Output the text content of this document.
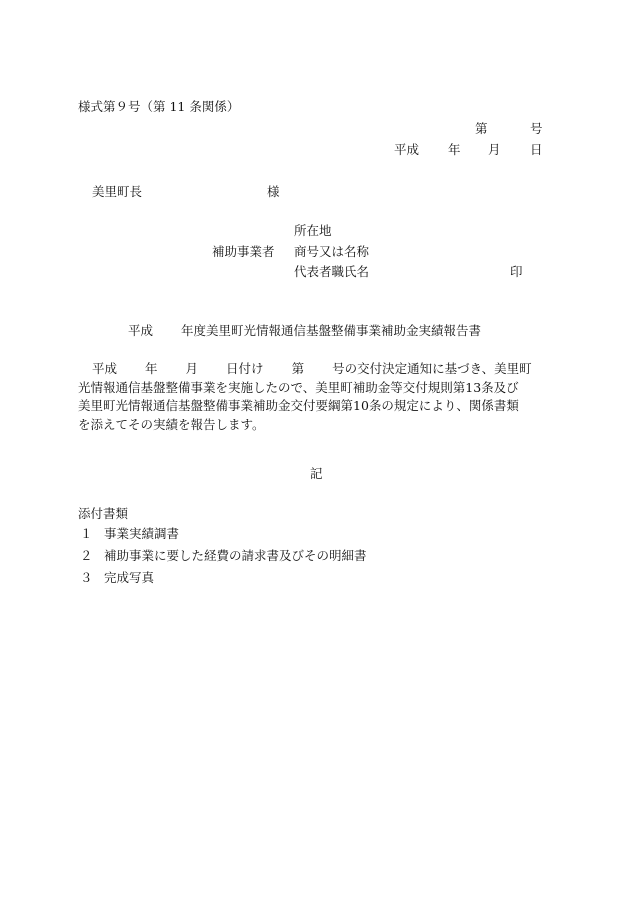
様式第９号（第 11 条関係）
第	号
平成 年 月 日
美里町長	様
所在地
補助事業者 商号又は名称
代表者職氏名	印
平成 年度美里町光情報通信基盤整備事業補助金実績報告書

平成 年 月 日付け 第 号の交付決定通知に基づき、美里町

光情報通信基盤整備事業を実施したので、美里町補助金等交付規則第13条及び

美里町光情報通信基盤整備事業補助金交付要綱第10条の規定により、関係書類

を添えてその実績を報告します。

記
添付書類
１ 事業実績調書
２ 補助事業に要した経費の請求書及びその明細書
３ 完成写真
